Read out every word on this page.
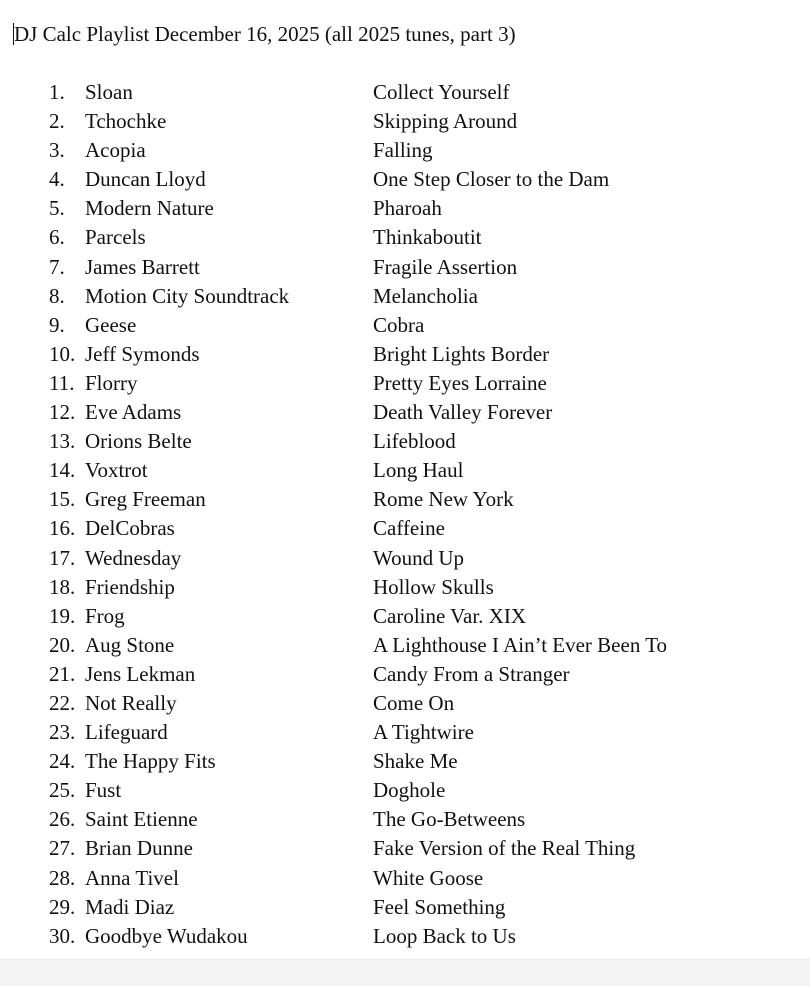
DJ Calc Playlist December 16, 2025 (all 2025 tunes, part 3)
1. Sloan	Collect Yourself
2. Tchochke	Skipping Around
3. Acopia	Falling
4. Duncan Lloyd	One Step Closer to the Dam
5. Modern Nature	Pharoah
6. Parcels	Thinkaboutit
7. James Barrett	Fragile Assertion
8. Motion City Soundtrack	Melancholia
9. Geese	Cobra
10. Jeff Symonds	Bright Lights Border
11. Florry	Pretty Eyes Lorraine
12. Eve Adams	Death Valley Forever
13. Orions Belte	Lifeblood
14. Voxtrot	Long Haul
15. Greg Freeman	Rome New York
16. DelCobras	Caffeine
17. Wednesday	Wound Up
18. Friendship	Hollow Skulls
19. Frog	Caroline Var. XIX
20. Aug Stone	A Lighthouse I Ain’t Ever Been To
21. Jens Lekman	Candy From a Stranger
22. Not Really	Come On
23. Lifeguard	A Tightwire
24. The Happy Fits	Shake Me
25. Fust	Doghole
26. Saint Etienne	The Go-Betweens
27. Brian Dunne	Fake Version of the Real Thing
28. Anna Tivel	White Goose
29. Madi Diaz	Feel Something
30. Goodbye Wudakou	Loop Back to Us
